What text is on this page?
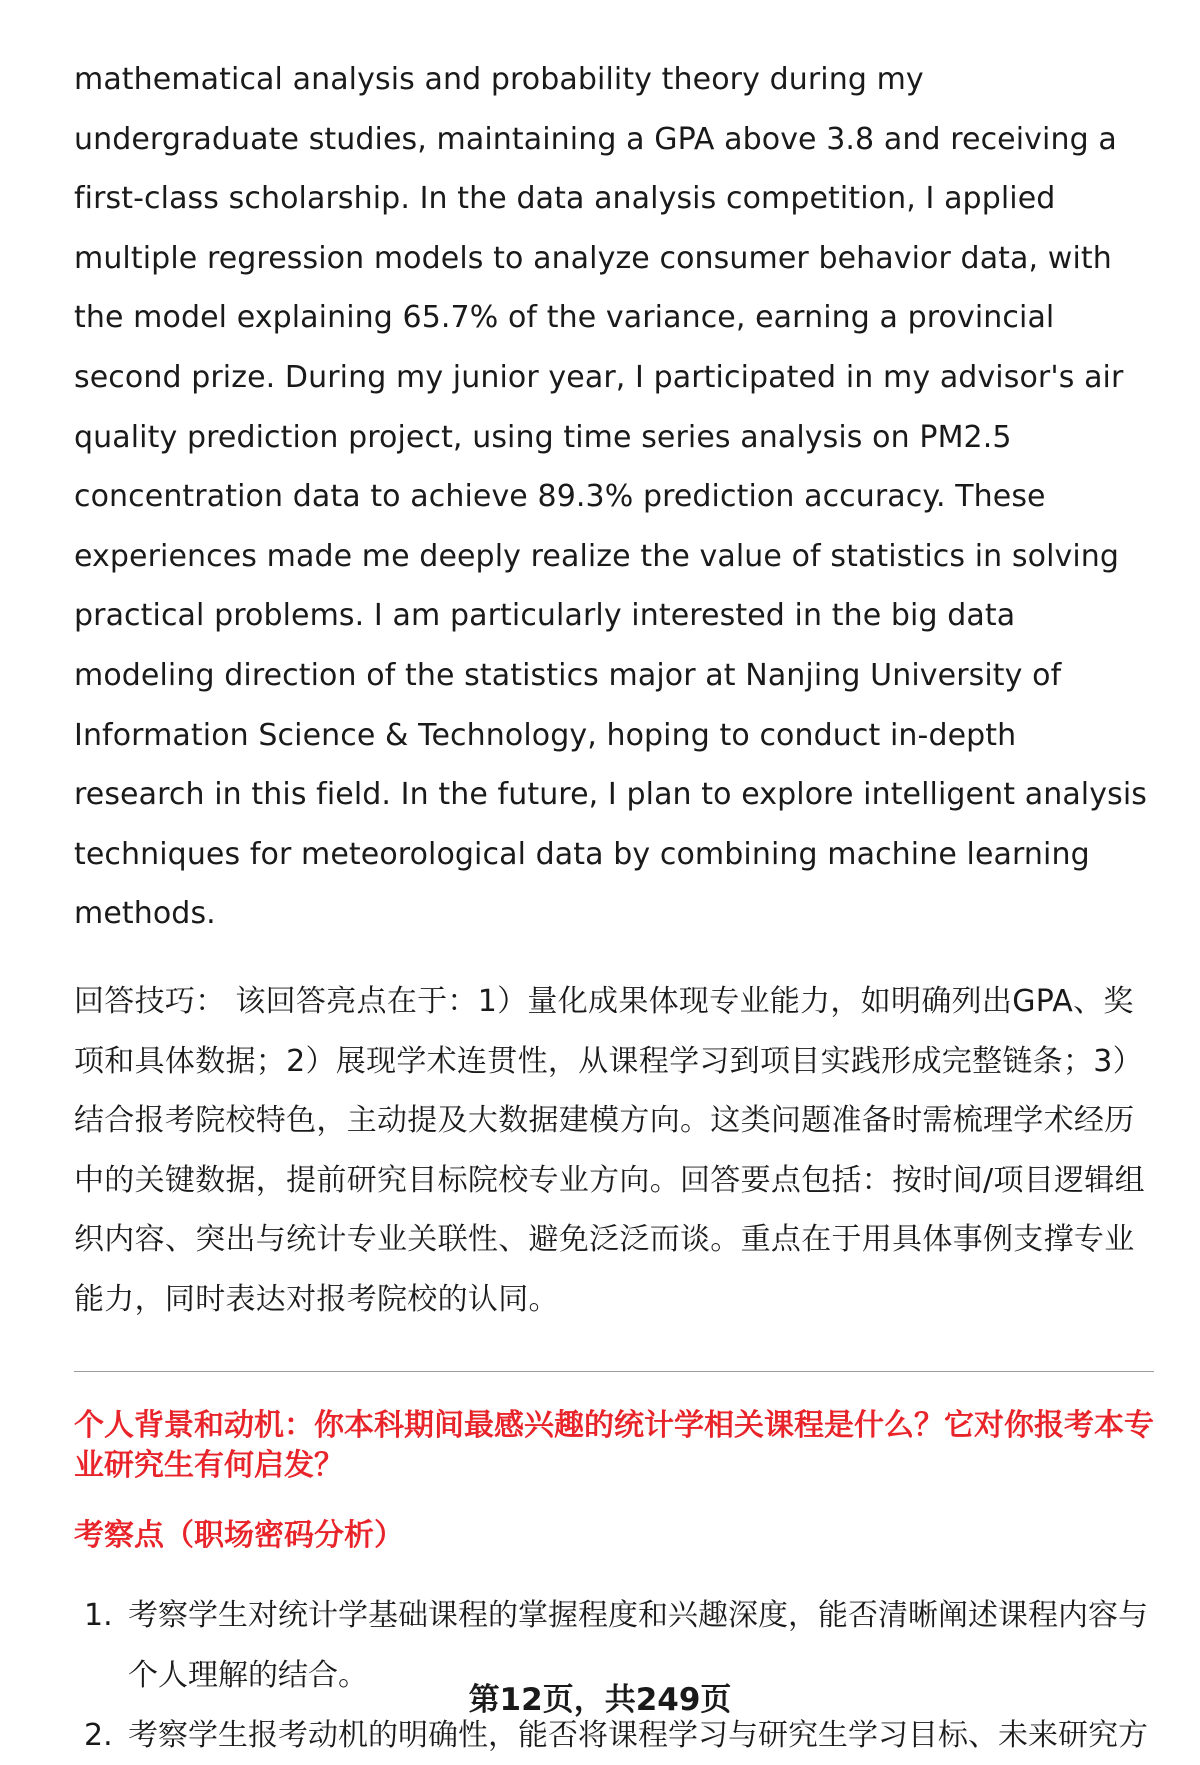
mathematical analysis and probability theory during my undergraduate studies, maintaining a GPA above 3.8 and receiving a first-class scholarship. In the data analysis competition, I applied multiple regression models to analyze consumer behavior data, with the model explaining 65.7% of the variance, earning a provincial second prize. During my junior year, I participated in my advisor's air quality prediction project, using time series analysis on PM2.5 concentration data to achieve 89.3% prediction accuracy. These experiences made me deeply realize the value of statistics in solving practical problems. I am particularly interested in the big data modeling direction of the statistics major at Nanjing University of Information Science & Technology, hoping to conduct in-depth research in this field. In the future, I plan to explore intelligent analysis techniques for meteorological data by combining machine learning methods.

回答技巧： 该回答亮点在于：1）量化成果体现专业能力，如明确列出GPA、奖项和具体数据；2）展现学术连贯性，从课程学习到项目实践形成完整链条；3）结合报考院校特色，主动提及大数据建模方向。这类问题准备时需梳理学术经历中的关键数据，提前研究目标院校专业方向。回答要点包括：按时间/项目逻辑组织内容、突出与统计专业关联性、避免泛泛而谈。重点在于用具体事例支撑专业能力，同时表达对报考院校的认同。

个人背景和动机：你本科期间最感兴趣的统计学相关课程是什么？它对你报考本专业研究生有何启发？
考察点（职场密码分析）
1. 考察学生对统计学基础课程的掌握程度和兴趣深度，能否清晰阐述课程内容与个人理解的结合。
2. 考察学生报考动机的明确性，能否将课程学习与研究生学习目标、未来研究方
第12页，共249页
